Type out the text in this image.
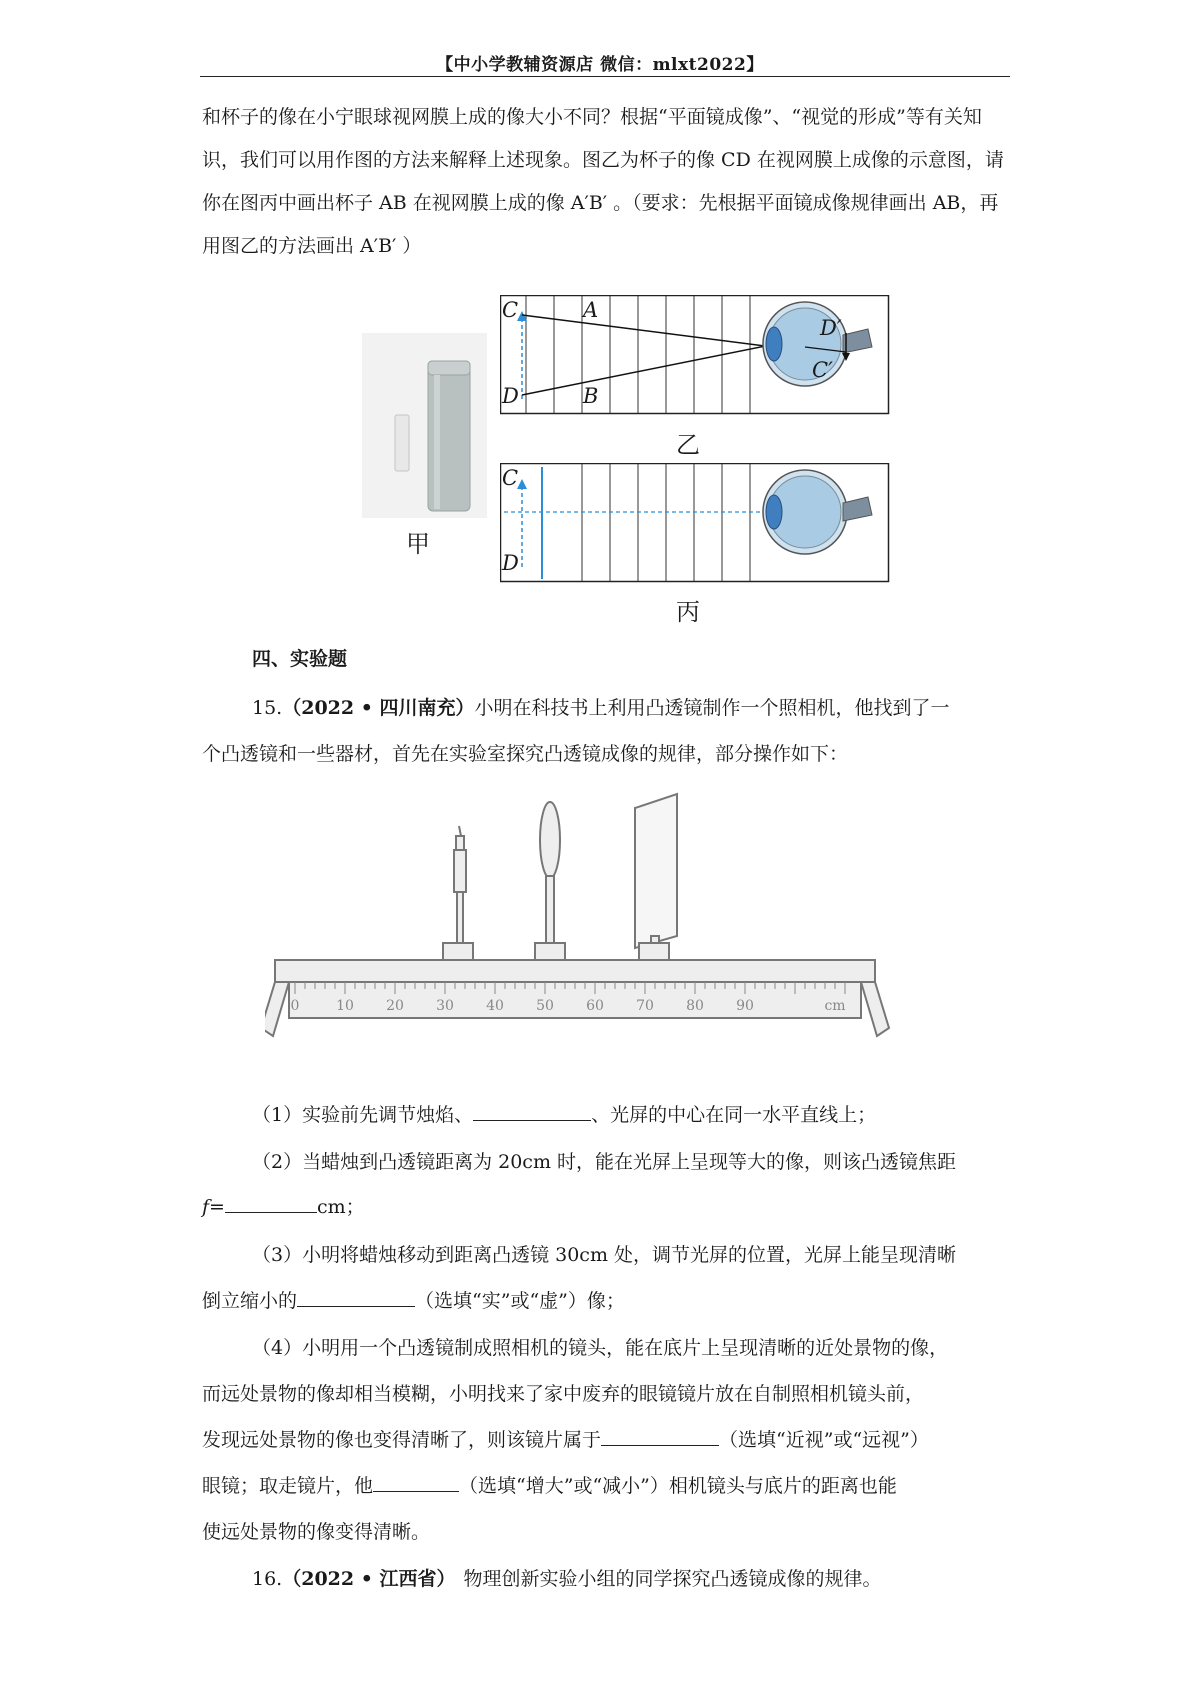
【中小学教辅资源店 微信：mlxt2022】

和杯子的像在小宁眼球视网膜上成的像大小不同？根据“平面镜成像”、“视觉的形成”等有关知识，我们可以用作图的方法来解释上述现象。图乙为杯子的像 CD 在视网膜上成像的示意图，请你在图丙中画出杯子 AB 在视网膜上成的像 A′B′ 。（要求：先根据平面镜成像规律画出 AB，再用图乙的方法画出 A′B′ ）

甲
C	A
D	B
D′
C′
乙
C
D
丙
四、实验题
15.（2022 • 四川南充）小明在科技书上利用凸透镜制作一个照相机，他找到了一
个凸透镜和一些器材，首先在实验室探究凸透镜成像的规律，部分操作如下：
0	10 20 30 40 50 60 70 80 90	cm
（1）实验前先调节烛焰、	、光屏的中心在同一水平直线上；
（2）当蜡烛到凸透镜距离为 20cm 时，能在光屏上呈现等大的像，则该凸透镜焦距
f=	cm；
（3）小明将蜡烛移动到距离凸透镜 30cm 处，调节光屏的位置，光屏上能呈现清晰
倒立缩小的	（选填“实”或“虚”）像；
（4）小明用一个凸透镜制成照相机的镜头，能在底片上呈现清晰的近处景物的像，
而远处景物的像却相当模糊，小明找来了家中废弃的眼镜镜片放在自制照相机镜头前，
发现远处景物的像也变得清晰了，则该镜片属于	（选填“近视”或“远视”）
眼镜；取走镜片，他	（选填“增大”或“减小”）相机镜头与底片的距离也能
使远处景物的像变得清晰。
16.（2022 • 江西省） 物理创新实验小组的同学探究凸透镜成像的规律。
